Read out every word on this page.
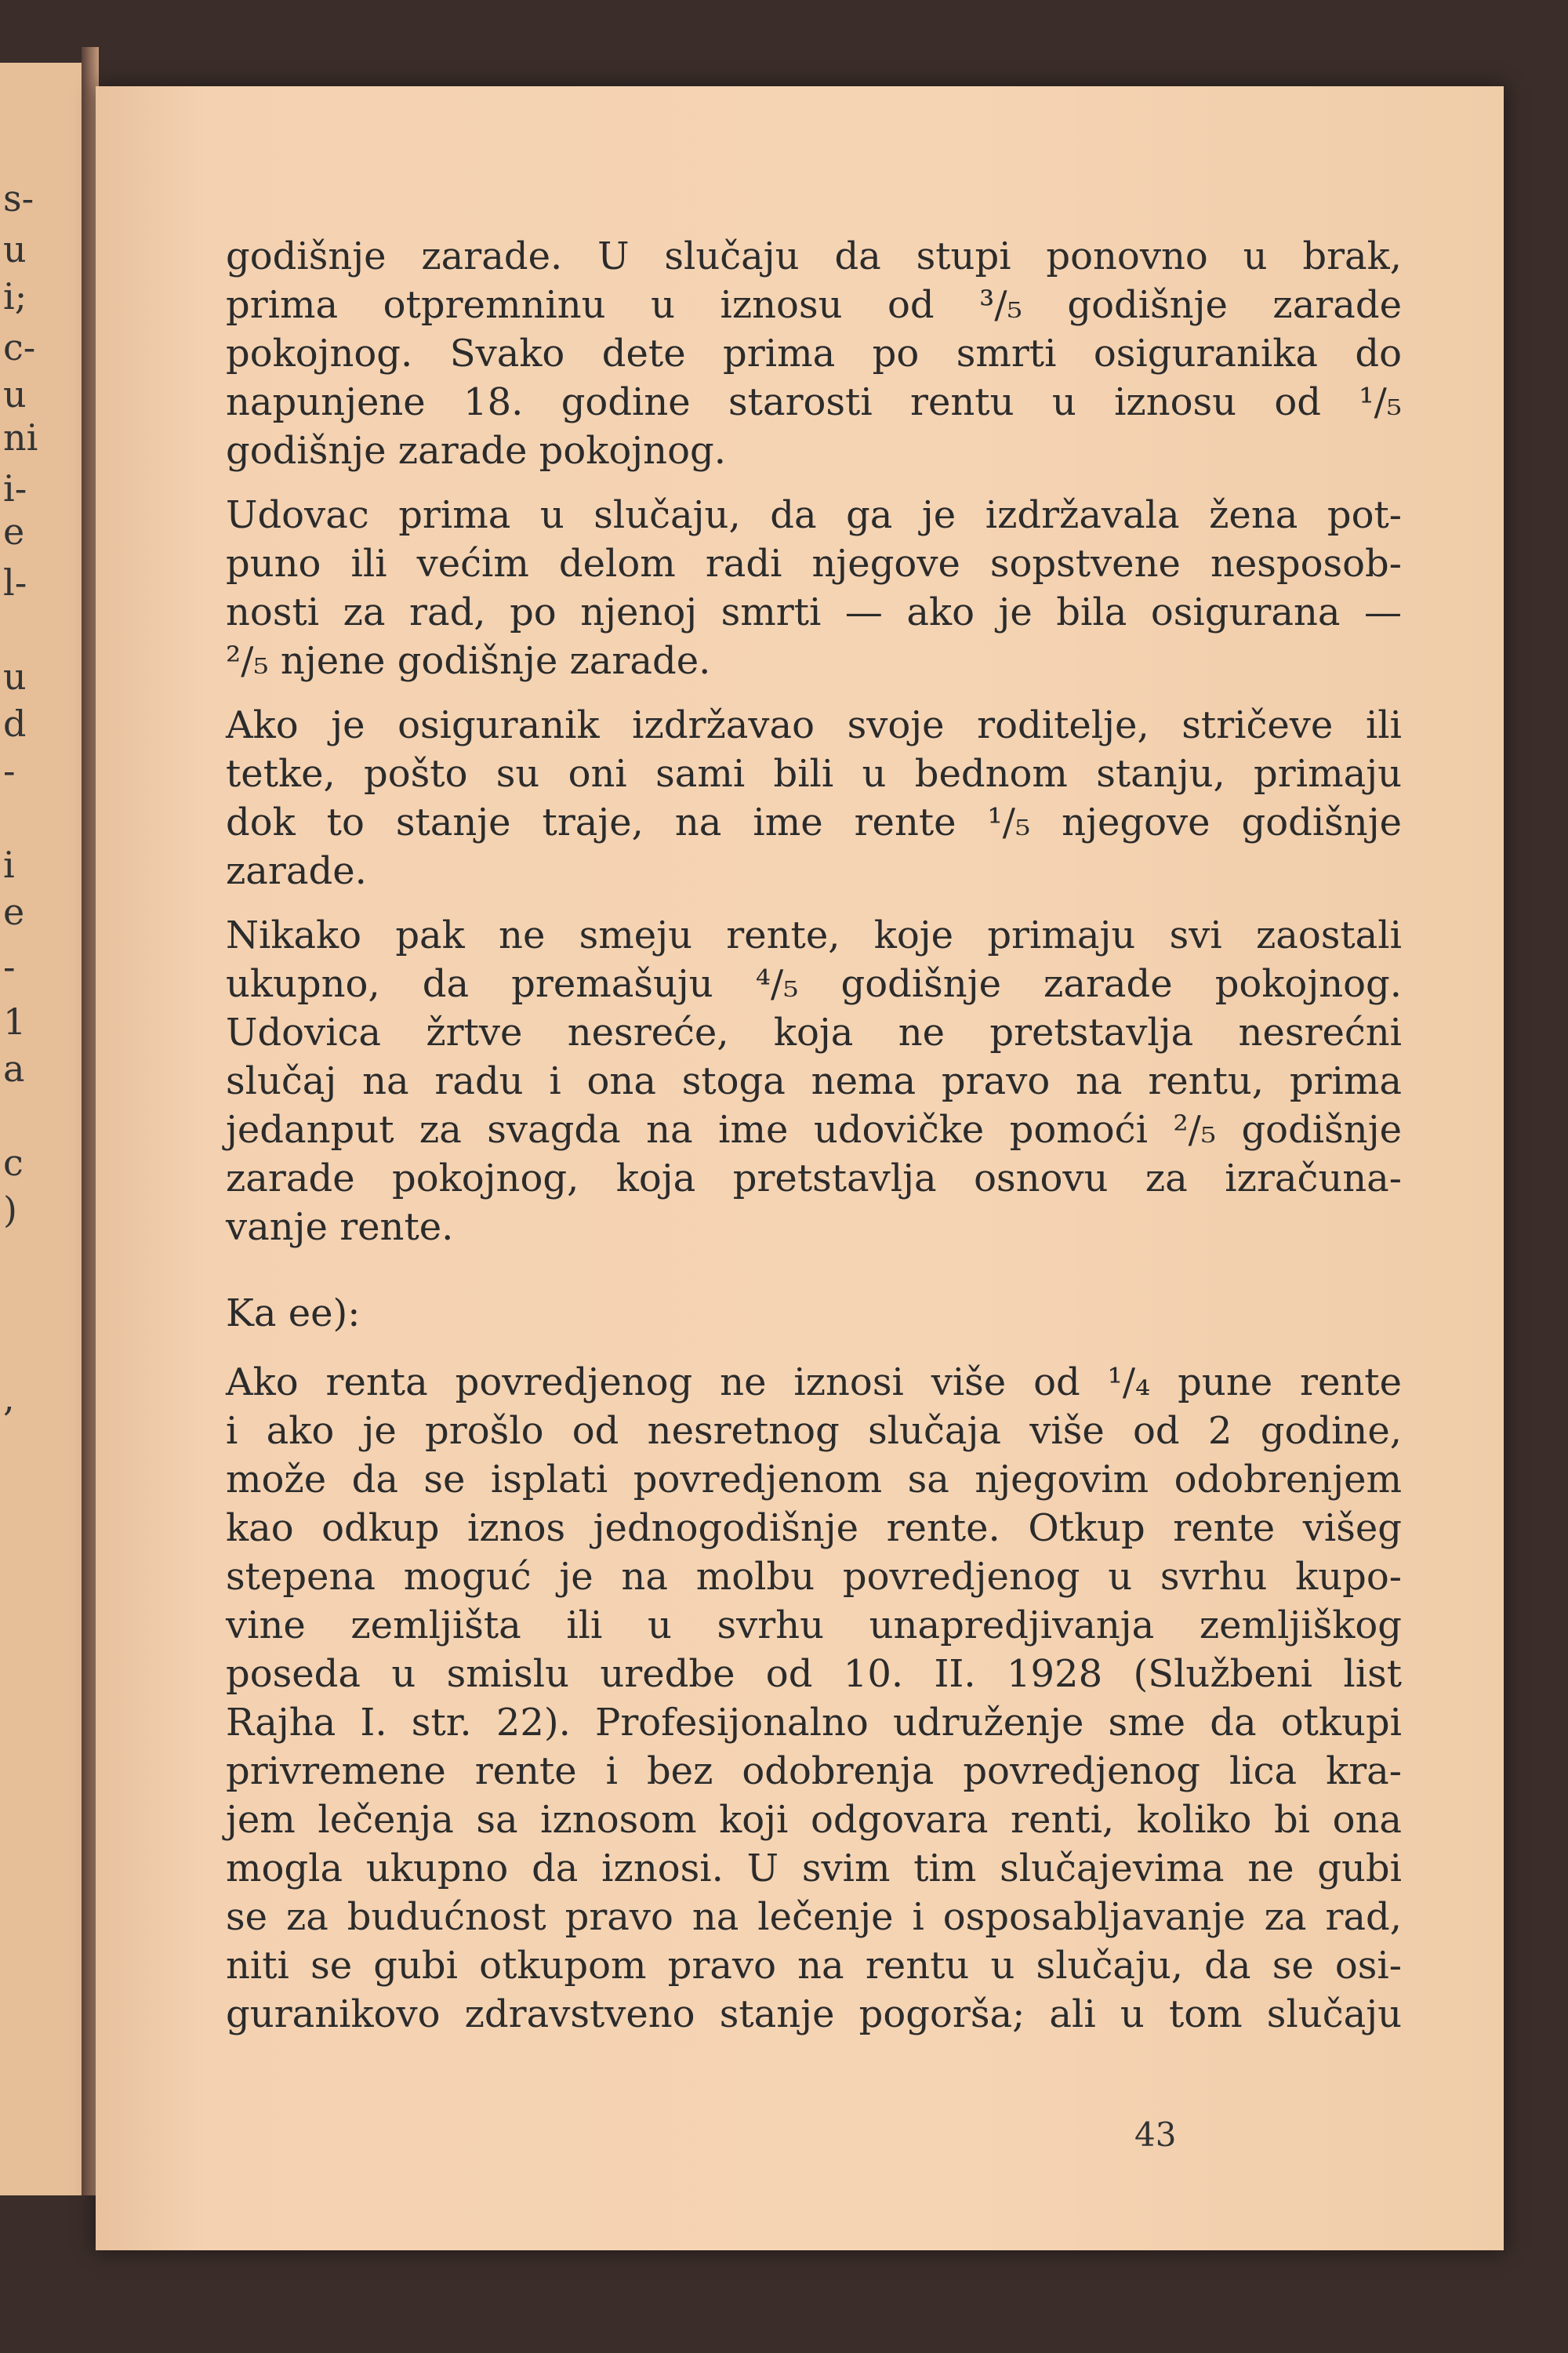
s-
u
i;
c-
u
ni
i-
e
l-
u
d
-
i
e
-
1
a
c
)
,
godišnje zarade. U slučaju da stupi ponovno u brak,
prima otpremninu u iznosu od ³/₅ godišnje zarade
pokojnog. Svako dete prima po smrti osiguranika do
napunjene 18. godine starosti rentu u iznosu od ¹/₅
godišnje zarade pokojnog.
Udovac prima u slučaju, da ga je izdržavala žena pot-
puno ili većim delom radi njegove sopstvene nesposob-
nosti za rad, po njenoj smrti — ako je bila osigurana —
²/₅ njene godišnje zarade.
Ako je osiguranik izdržavao svoje roditelje, stričeve ili
tetke, pošto su oni sami bili u bednom stanju, primaju
dok to stanje traje, na ime rente ¹/₅ njegove godišnje
zarade.
Nikako pak ne smeju rente, koje primaju svi zaostali
ukupno, da premašuju ⁴/₅ godišnje zarade pokojnog.
Udovica žrtve nesreće, koja ne pretstavlja nesrećni
slučaj na radu i ona stoga nema pravo na rentu, prima
jedanput za svagda na ime udovičke pomoći ²/₅ godišnje
zarade pokojnog, koja pretstavlja osnovu za izračuna-
vanje rente.
Ka ee):
Ako renta povredjenog ne iznosi više od ¹/₄ pune rente
i ako je prošlo od nesretnog slučaja više od 2 godine,
može da se isplati povredjenom sa njegovim odobrenjem
kao odkup iznos jednogodišnje rente. Otkup rente višeg
stepena moguć je na molbu povredjenog u svrhu kupo-
vine zemljišta ili u svrhu unapredjivanja zemljiškog
poseda u smislu uredbe od 10. II. 1928 (Službeni list
Rajha I. str. 22). Profesijonalno udruženje sme da otkupi
privremene rente i bez odobrenja povredjenog lica kra-
jem lečenja sa iznosom koji odgovara renti, koliko bi ona
mogla ukupno da iznosi. U svim tim slučajevima ne gubi
se za budućnost pravo na lečenje i osposabljavanje za rad,
niti se gubi otkupom pravo na rentu u slučaju, da se osi-
guranikovo zdravstveno stanje pogorša; ali u tom slučaju
43
